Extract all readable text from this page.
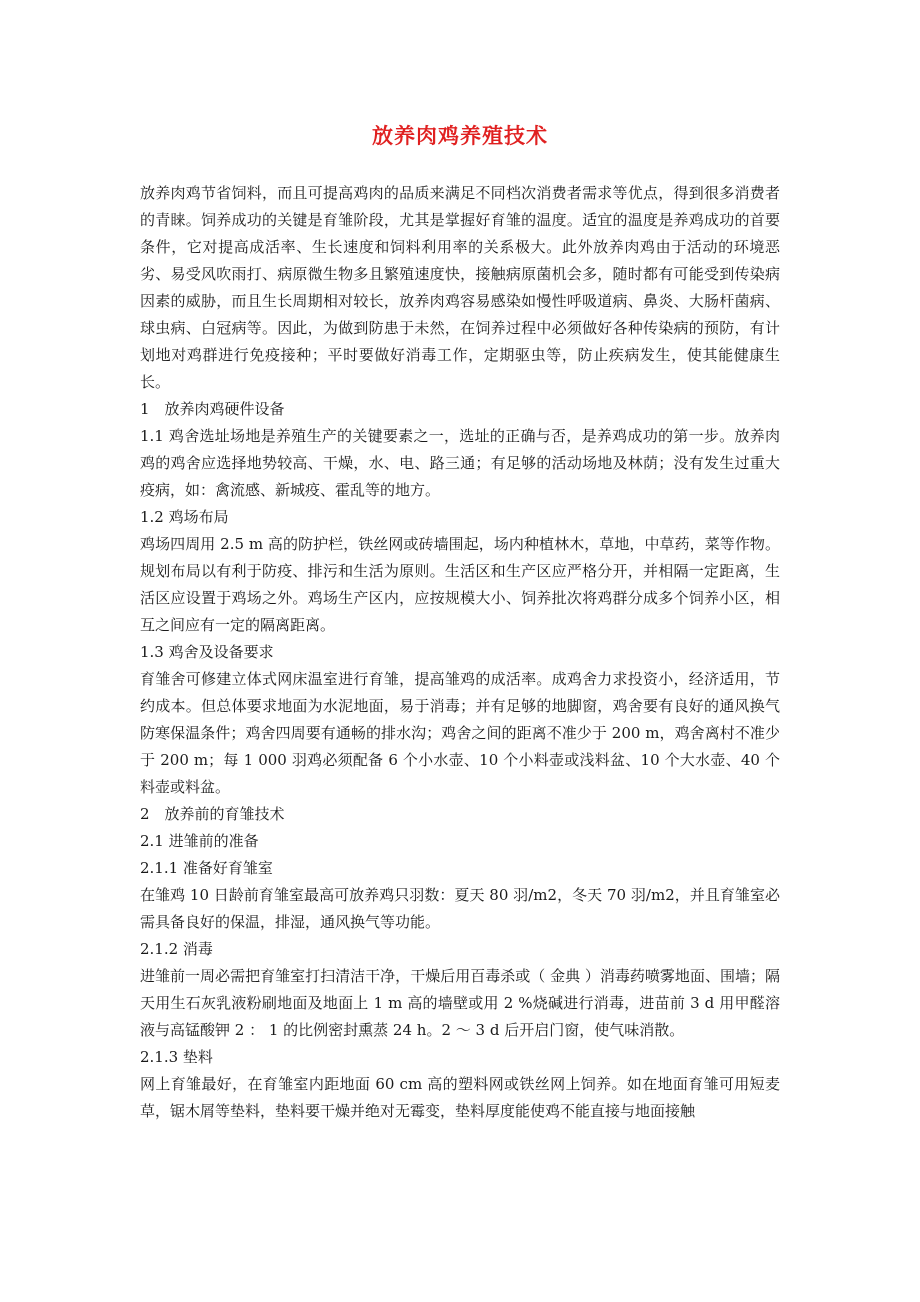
放养肉鸡养殖技术

放养肉鸡节省饲料，而且可提高鸡肉的品质来满足不同档次消费者需求等优点，得到很多消费者的青睐。饲养成功的关键是育雏阶段，尤其是掌握好育雏的温度。适宜的温度是养鸡成功的首要条件，它对提高成活率、生长速度和饲料利用率的关系极大。此外放养肉鸡由于活动的环境恶劣、易受风吹雨打、病原微生物多且繁殖速度快，接触病原菌机会多，随时都有可能受到传染病因素的威胁，而且生长周期相对较长，放养肉鸡容易感染如慢性呼吸道病、鼻炎、大肠杆菌病、球虫病、白冠病等。因此，为做到防患于未然，在饲养过程中必须做好各种传染病的预防，有计划地对鸡群进行免疫接种；平时要做好消毒工作，定期驱虫等，防止疾病发生，使其能健康生长。

1　放养肉鸡硬件设备

1.1 鸡舍选址场地是养殖生产的关键要素之一，选址的正确与否，是养鸡成功的第一步。放养肉鸡的鸡舍应选择地势较高、干燥，水、电、路三通；有足够的活动场地及林荫；没有发生过重大疫病，如：禽流感、新城疫、霍乱等的地方。

1.2 鸡场布局

鸡场四周用 2.5 m 高的防护栏，铁丝网或砖墙围起，场内种植林木，草地，中草药，菜等作物。规划布局以有利于防疫、排污和生活为原则。生活区和生产区应严格分开，并相隔一定距离，生活区应设置于鸡场之外。鸡场生产区内，应按规模大小、饲养批次将鸡群分成多个饲养小区，相互之间应有一定的隔离距离。

1.3 鸡舍及设备要求

育雏舍可修建立体式网床温室进行育雏，提高雏鸡的成活率。成鸡舍力求投资小，经济适用，节约成本。但总体要求地面为水泥地面，易于消毒；并有足够的地脚窗，鸡舍要有良好的通风换气防寒保温条件；鸡舍四周要有通畅的排水沟；鸡舍之间的距离不准少于 200 m，鸡舍离村不准少于 200 m；每 1 000 羽鸡必须配备 6 个小水壶、10 个小料壶或浅料盆、10 个大水壶、40 个料壶或料盆。

2　放养前的育雏技术

2.1 进雏前的准备

2.1.1 准备好育雏室

在雏鸡 10 日龄前育雏室最高可放养鸡只羽数：夏天 80 羽/m2，冬天 70 羽/m2，并且育雏室必需具备良好的保温，排湿，通风换气等功能。

2.1.2 消毒

进雏前一周必需把育雏室打扫清洁干净，干燥后用百毒杀或（ 金典 ）消毒药喷雾地面、围墙；隔天用生石灰乳液粉刷地面及地面上 1 m 高的墙壁或用 2 %烧碱进行消毒，进苗前 3 d 用甲醛溶液与高锰酸钾 2 ： 1 的比例密封熏蒸 24 h。2 ～ 3 d 后开启门窗，使气味消散。

2.1.3 垫料

网上育雏最好，在育雏室内距地面 60 cm 高的塑料网或铁丝网上饲养。如在地面育雏可用短麦草，锯木屑等垫料，垫料要干燥并绝对无霉变，垫料厚度能使鸡不能直接与地面接触
